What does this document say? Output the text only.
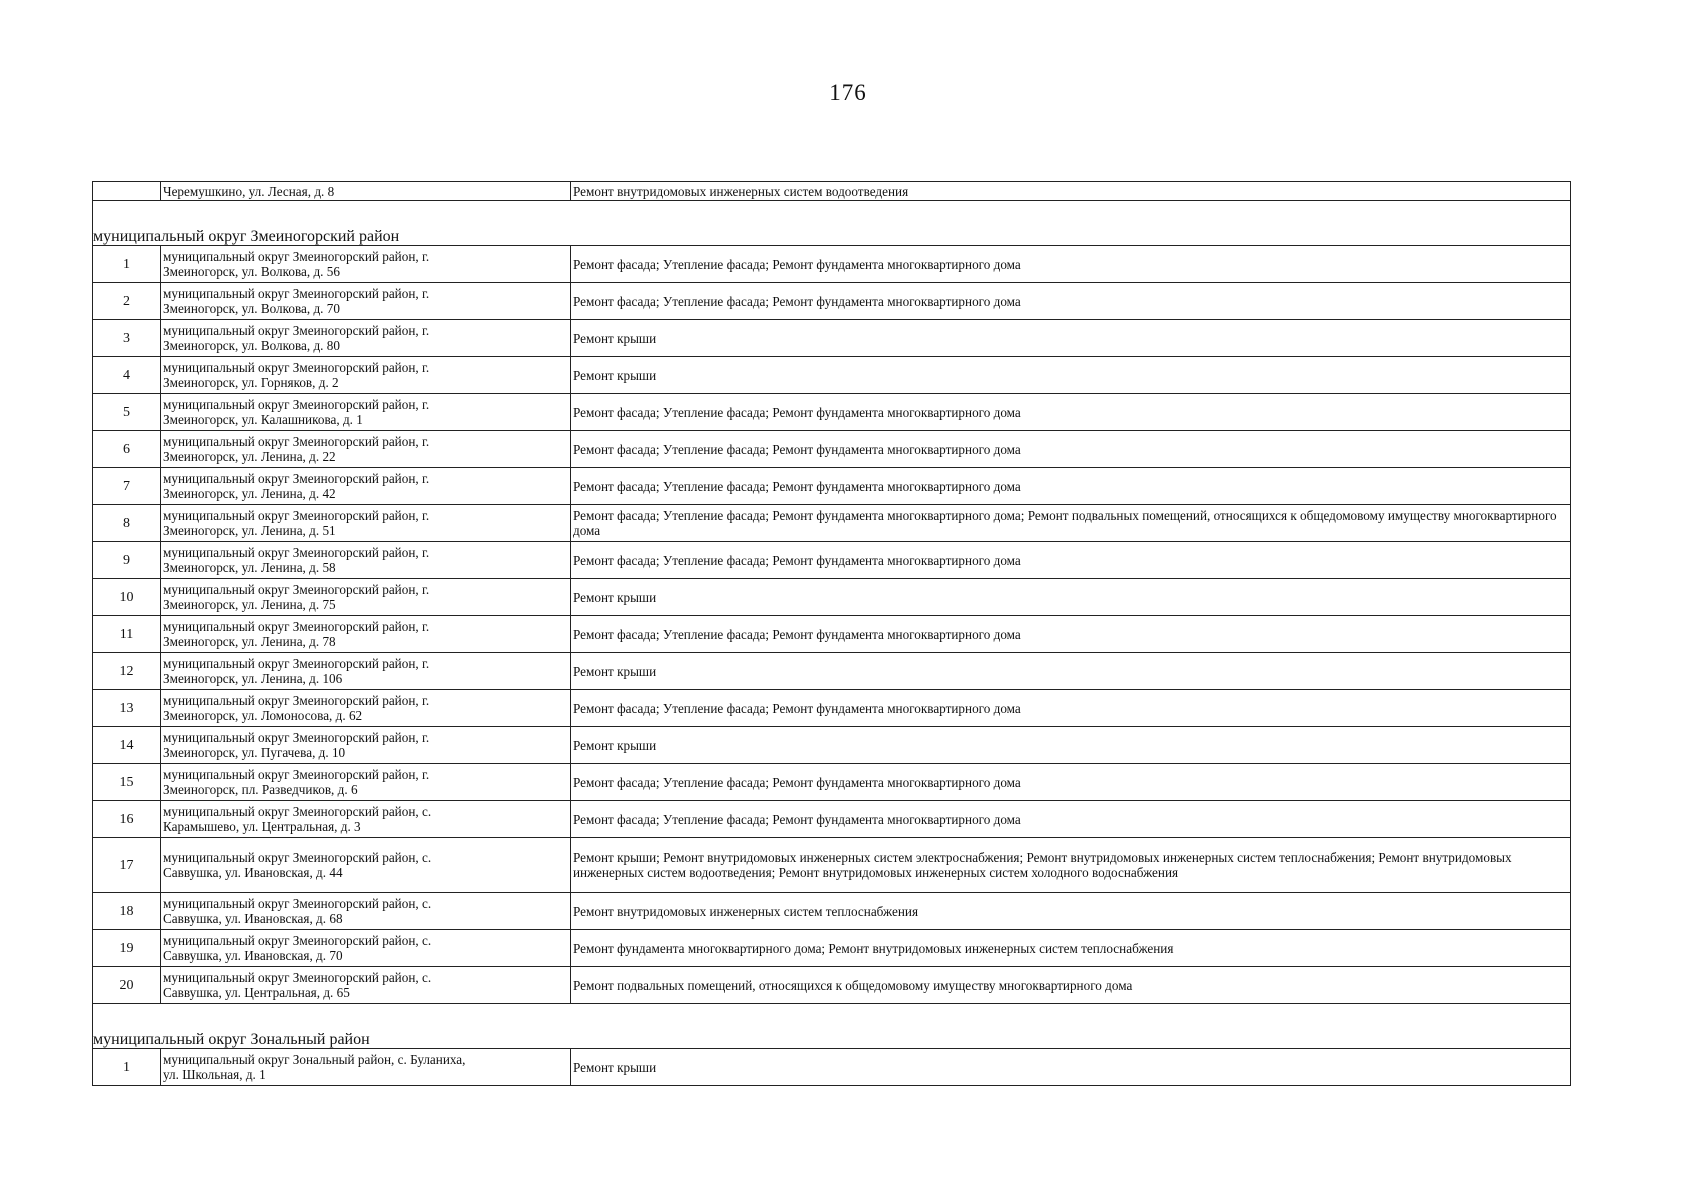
176
	Черемушкино, ул. Лесная, д. 8	Ремонт внутридомовых инженерных систем водоотведения

муниципальный округ Змеиногорский район		

1	муниципальный округ Змеиногорский район, г.
Змеиногорск, ул. Волкова, д. 56	Ремонт фасада; Утепление фасада; Ремонт фундамента многоквартирного дома
2	муниципальный округ Змеиногорский район, г.
Змеиногорск, ул. Волкова, д. 70	Ремонт фасада; Утепление фасада; Ремонт фундамента многоквартирного дома
3	муниципальный округ Змеиногорский район, г.
Змеиногорск, ул. Волкова, д. 80	Ремонт крыши
4	муниципальный округ Змеиногорский район, г.
Змеиногорск, ул. Горняков, д. 2	Ремонт крыши
5	муниципальный округ Змеиногорский район, г.
Змеиногорск, ул. Калашникова, д. 1	Ремонт фасада; Утепление фасада; Ремонт фундамента многоквартирного дома
6	муниципальный округ Змеиногорский район, г.
Змеиногорск, ул. Ленина, д. 22	Ремонт фасада; Утепление фасада; Ремонт фундамента многоквартирного дома
7	муниципальный округ Змеиногорский район, г.
Змеиногорск, ул. Ленина, д. 42	Ремонт фасада; Утепление фасада; Ремонт фундамента многоквартирного дома
8	муниципальный округ Змеиногорский район, г.
Змеиногорск, ул. Ленина, д. 51	Ремонт фасада; Утепление фасада; Ремонт фундамента многоквартирного дома; Ремонт подвальных помещений, относящихся к общедомовому имуществу многоквартирного дома
9	муниципальный округ Змеиногорский район, г.
Змеиногорск, ул. Ленина, д. 58	Ремонт фасада; Утепление фасада; Ремонт фундамента многоквартирного дома
10	муниципальный округ Змеиногорский район, г.
Змеиногорск, ул. Ленина, д. 75	Ремонт крыши
11	муниципальный округ Змеиногорский район, г.
Змеиногорск, ул. Ленина, д. 78	Ремонт фасада; Утепление фасада; Ремонт фундамента многоквартирного дома
12	муниципальный округ Змеиногорский район, г.
Змеиногорск, ул. Ленина, д. 106	Ремонт крыши
13	муниципальный округ Змеиногорский район, г.
Змеиногорск, ул. Ломоносова, д. 62	Ремонт фасада; Утепление фасада; Ремонт фундамента многоквартирного дома
14	муниципальный округ Змеиногорский район, г.
Змеиногорск, ул. Пугачева, д. 10	Ремонт крыши
15	муниципальный округ Змеиногорский район, г.
Змеиногорск, пл. Разведчиков, д. 6	Ремонт фасада; Утепление фасада; Ремонт фундамента многоквартирного дома
16	муниципальный округ Змеиногорский район, с.
Карамышево, ул. Центральная, д. 3	Ремонт фасада; Утепление фасада; Ремонт фундамента многоквартирного дома
17	муниципальный округ Змеиногорский район, с.
Саввушка, ул. Ивановская, д. 44	Ремонт крыши; Ремонт внутридомовых инженерных систем электроснабжения; Ремонт внутридомовых инженерных систем теплоснабжения; Ремонт внутридомовых инженерных систем водоотведения; Ремонт внутридомовых инженерных систем холодного водоснабжения
18	муниципальный округ Змеиногорский район, с.
Саввушка, ул. Ивановская, д. 68	Ремонт внутридомовых инженерных систем теплоснабжения
19	муниципальный округ Змеиногорский район, с.
Саввушка, ул. Ивановская, д. 70	Ремонт фундамента многоквартирного дома; Ремонт внутридомовых инженерных систем теплоснабжения
20	муниципальный округ Змеиногорский район, с.
Саввушка, ул. Центральная, д. 65	Ремонт подвальных помещений, относящихся к общедомовому имуществу многоквартирного дома

муниципальный округ Зональный район		

1	муниципальный округ Зональный район, с. Буланиха,
ул. Школьная, д. 1	Ремонт крыши
